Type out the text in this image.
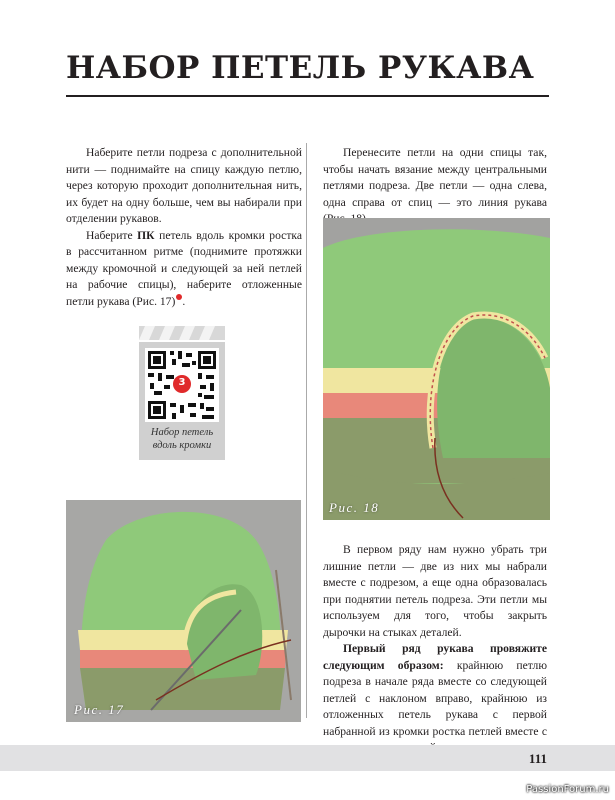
НАБОР ПЕТЕЛЬ РУКАВА

Наберите петли подреза с дополнительной нити — поднимайте на спицу каждую петлю, через которую проходит дополнительная нить, их будет на одну больше, чем вы набирали при отделении рукавов.

Наберите ПК петель вдоль кромки ростка в рассчитанном ритме (поднимите протяжки между кромочной и следующей за ней петлей на рабочие спицы), наберите отложенные петли рукава (Рис. 17) .

3
Набор петель
вдоль кромки
Рис. 17

Перенесите петли на одни спицы так, чтобы начать вязание между центральными петлями подреза. Две петли — одна слева, одна справа от спиц — это линия рукава

Рис. 18

В первом ряду нам нужно убрать три лишние петли — две из них мы набрали вместе с подрезом, а еще одна образовалась при поднятии петель подреза. Эти петли мы используем для того, чтобы закрыть дырочки на стыках деталей.

Первый ряд рукава провяжите следующим образом: крайнюю петлю подреза в начале ряда вместе со следующей петлей с наклоном вправо, крайнюю из отложенных петель рукава с первой набранной из кромки ростка петлей вместе с

111
PassionForum.ru
